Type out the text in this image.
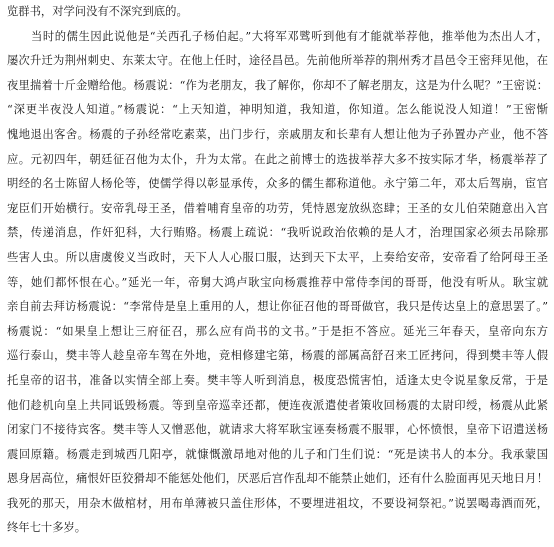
览群书，对学问没有不深究到底的。
当时的儒生因此说他是“关西孔子杨伯起。”大将军邓骘听到他有才能就举荐他，推举他为杰出人才，
屡次升迁为荆州刺史、东莱太守。在他上任时，途径昌邑。先前他所举荐的荆州秀才昌邑令王密拜见他，在
夜里揣着十斤金赠给他。杨震说：“作为老朋友，我了解你，你却不了解老朋友，这是为什么呢？”王密说：
“深更半夜没人知道。”杨震说：“上天知道，神明知道，我知道，你知道。怎么能说没人知道！”王密惭
愧地退出客舍。杨震的子孙经常吃素菜，出门步行，亲戚朋友和长辈有人想让他为子孙置办产业，他不答
应。元初四年，朝廷征召他为太仆，升为太常。在此之前博士的选拔举荐大多不按实际才华，杨震举荐了
明经的名士陈留人杨伦等，使儒学得以彰显承传，众多的儒生都称道他。永宁第二年，邓太后驾崩，宦官
宠臣们开始横行。安帝乳母王圣，借着哺育皇帝的功劳，凭恃恩宠放纵恣肆；王圣的女儿伯荣随意出入宫
禁，传递消息，作奸犯科，大行贿赂。杨震上疏说：“我听说政治依赖的是人才，治理国家必须去吊除那
些害人虫。所以唐虞俊义当政时，天下人人心服口服，达到天下太平，上奏给安帝，安帝看了给阿母王圣
等，她们都怀恨在心。”延光一年，帝舅大鸿卢耿宝向杨震推荐中常侍李闰的哥哥，他没有听从。耿宝就
亲自前去拜访杨震说：“李常侍是皇上重用的人，想让你征召他的哥哥做官，我只是传达皇上的意思罢了。”
杨震说：“如果皇上想让三府征召，那么应有尚书的文书。”于是拒不答应。延光三年春天，皇帝向东方
巡行泰山，樊丰等人趁皇帝车驾在外地，竞相修建宅第，杨震的部属高舒召来工匠拷问，得到樊丰等人假
托皇帝的诏书，准备以实情全部上奏。樊丰等人听到消息，极度恐慌害怕，适逢太史令说星象反常，于是
他们趁机向皇上共同诋毁杨震。等到皇帝巡幸还都，便连夜派遣使者策收回杨震的太尉印绶，杨震从此紧
闭家门不接待宾客。樊丰等人又憎恶他，就请求大将军耿宝诬奏杨震不服罪，心怀愤恨，皇帝下诏遣送杨
震回原籍。杨震走到城西几阳亭，就慷慨激昂地对他的儿子和门生们说：“死是读书人的本分。我承蒙国
恩身居高位，痛恨奸臣狡猾却不能惩处他们，厌恶后宫作乱却不能禁止她们，还有什么脸面再见天地日月！
我死的那天，用杂木做棺材，用布单薄被只盖住形体，不要埋进祖坟，不要设祠祭祀。”说罢喝毒酒而死，
终年七十多岁。
